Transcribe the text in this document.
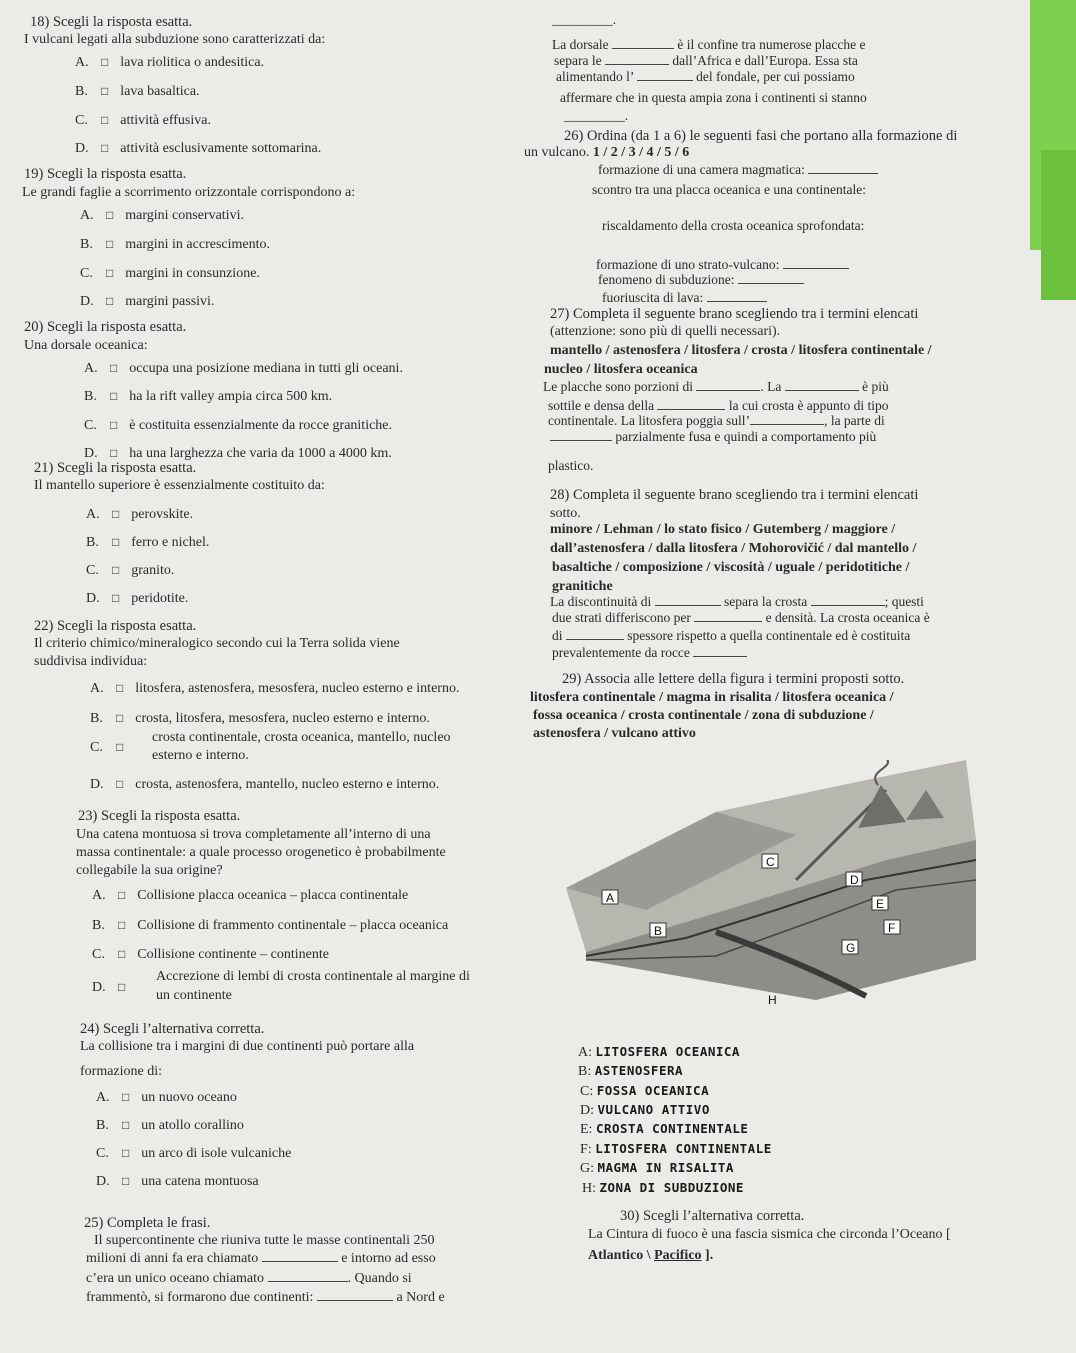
18) Scegli la risposta esatta.
I vulcani legati alla subduzione sono caratterizzati da:
A. □ lava riolitica o andesitica.
B. □ lava basaltica.
C. □ attività effusiva.
D. □ attività esclusivamente sottomarina.
19) Scegli la risposta esatta.
Le grandi faglie a scorrimento orizzontale corrispondono a:
A. □ margini conservativi.
B. □ margini in accrescimento.
C. □ margini in consunzione.
D. □ margini passivi.
20) Scegli la risposta esatta.
Una dorsale oceanica:
A. □ occupa una posizione mediana in tutti gli oceani.
B. □ ha la rift valley ampia circa 500 km.
C. □ è costituita essenzialmente da rocce granitiche.
D. □ ha una larghezza che varia da 1000 a 4000 km.
21) Scegli la risposta esatta.
Il mantello superiore è essenzialmente costituito da:
A. □ perovskite.
B. □ ferro e nichel.
C. □ granito.
D. □ peridotite.
22) Scegli la risposta esatta.
Il criterio chimico/mineralogico secondo cui la Terra solida viene
suddivisa individua:
A. □ litosfera, astenosfera, mesosfera, nucleo esterno e interno.
B. □ crosta, litosfera, mesosfera, nucleo esterno e interno.
crosta continentale, crosta oceanica, mantello, nucleo
C. □
esterno e interno.
D. □ crosta, astenosfera, mantello, nucleo esterno e interno.
23) Scegli la risposta esatta.
Una catena montuosa si trova completamente all’interno di una
massa continentale: a quale processo orogenetico è probabilmente
collegabile la sua origine?
A. □ Collisione placca oceanica – placca continentale
B. □ Collisione di frammento continentale – placca oceanica
C. □ Collisione continente – continente
Accrezione di lembi di crosta continentale al margine di
D. □
un continente
24) Scegli l’alternativa corretta.
La collisione tra i margini di due continenti può portare alla
formazione di:
A. □ un nuovo oceano
B. □ un atollo corallino
C. □ un arco di isole vulcaniche
D. □ una catena montuosa
25) Completa le frasi.
Il supercontinente che riuniva tutte le masse continentali 250
milioni di anni fa era chiamato	e intorno ad esso
c’era un unico oceano chiamato	. Quando si
frammentò, si formarono due continenti:	a Nord e
_________.
La dorsale	è il confine tra numerose placche e
separa le	dall’Africa e dall’Europa. Essa sta
alimentando l’	del fondale, per cui possiamo
affermare che in questa ampia zona i continenti si stanno
_________.
26) Ordina (da 1 a 6) le seguenti fasi che portano alla formazione di
un vulcano. 1 / 2 / 3 / 4 / 5 / 6
formazione di una camera magmatica:
scontro tra una placca oceanica e una continentale:
riscaldamento della crosta oceanica sprofondata:
formazione di uno strato-vulcano:
fenomeno di subduzione:
fuoriuscita di lava:
27) Completa il seguente brano scegliendo tra i termini elencati
(attenzione: sono più di quelli necessari).
mantello / astenosfera / litosfera / crosta / litosfera continentale /
nucleo / litosfera oceanica
Le placche sono porzioni di	. La	è più
sottile e densa della	la cui crosta è appunto di tipo
continentale. La litosfera poggia sull’	, la parte di
parzialmente fusa e quindi a comportamento più
plastico.
28) Completa il seguente brano scegliendo tra i termini elencati
sotto.
minore / Lehman / lo stato fisico / Gutemberg / maggiore /
dall’astenosfera / dalla litosfera / Mohorovičić / dal mantello /
basaltiche / composizione / viscosità / uguale / peridotitiche /
granitiche
La discontinuità di	separa la crosta	; questi
due strati differiscono per	e densità. La crosta oceanica è
di	spessore rispetto a quella continentale ed è costituita
prevalentemente da rocce
29) Associa alle lettere della figura i termini proposti sotto.
litosfera continentale / magma in risalita / litosfera oceanica /
fossa oceanica / crosta continentale / zona di subduzione /
astenosfera / vulcano attivo
A
B
C
D
E
F
G
H
A: LITOSFERA OCEANICA
B: ASTENOSFERA
C: FOSSA OCEANICA
D: VULCANO ATTIVO
E: CROSTA CONTINENTALE
F: LITOSFERA CONTINENTALE
G: MAGMA IN RISALITA
H: ZONA DI SUBDUZIONE
30) Scegli l’alternativa corretta.
La Cintura di fuoco è una fascia sismica che circonda l’Oceano [
Atlantico \ Pacifico ].
